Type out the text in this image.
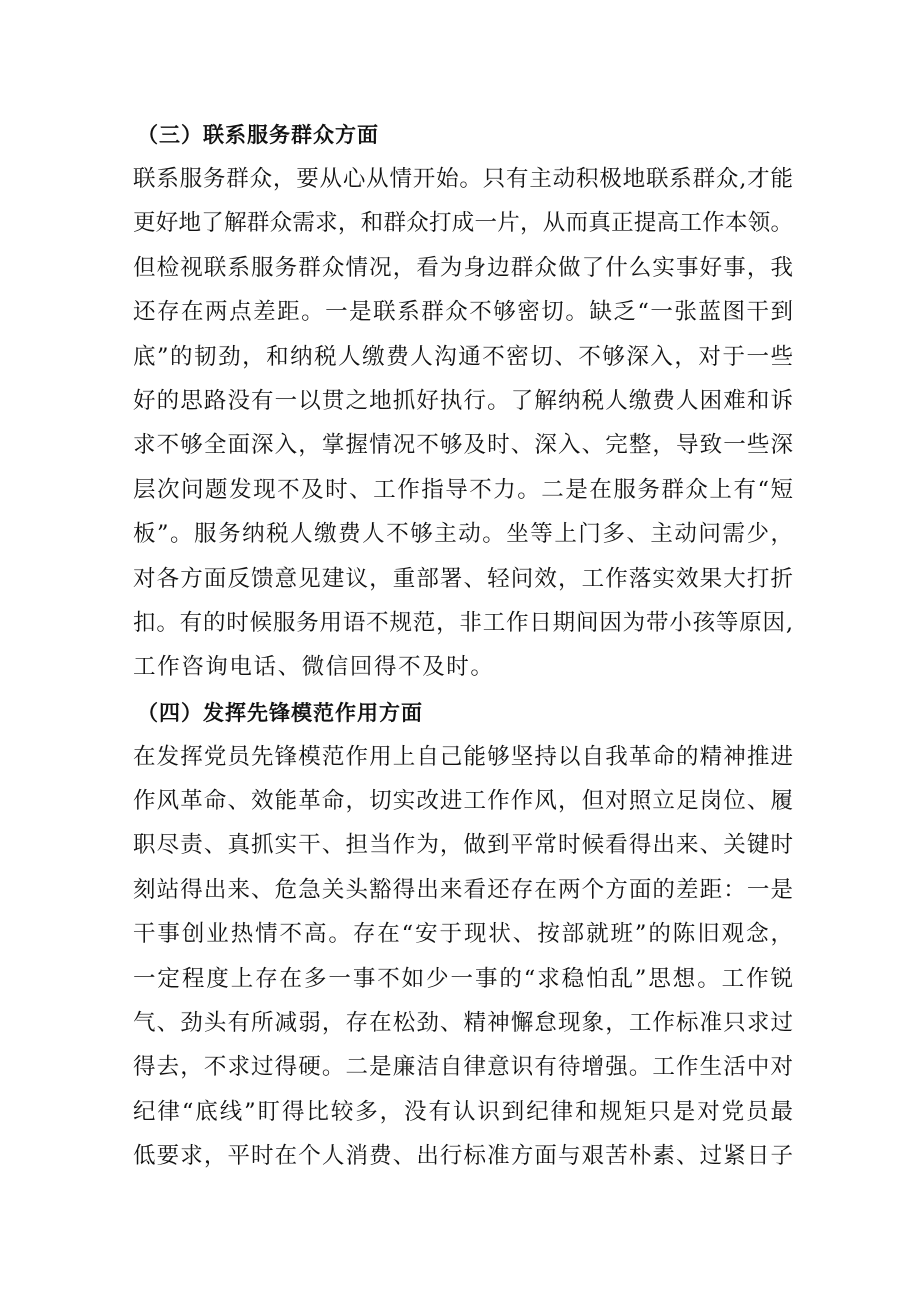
（三）联系服务群众方面
联系服务群众，要从心从情开始。只有主动积极地联系群众,才能
更好地了解群众需求，和群众打成一片，从而真正提高工作本领。
但检视联系服务群众情况，看为身边群众做了什么实事好事，我
还存在两点差距。一是联系群众不够密切。缺乏“一张蓝图干到
底”的韧劲，和纳税人缴费人沟通不密切、不够深入，对于一些
好的思路没有一以贯之地抓好执行。了解纳税人缴费人困难和诉
求不够全面深入，掌握情况不够及时、深入、完整，导致一些深
层次问题发现不及时、工作指导不力。二是在服务群众上有“短
板”。服务纳税人缴费人不够主动。坐等上门多、主动问需少，
对各方面反馈意见建议，重部署、轻问效，工作落实效果大打折
扣。有的时候服务用语不规范，非工作日期间因为带小孩等原因,
工作咨询电话、微信回得不及时。
（四）发挥先锋模范作用方面
在发挥党员先锋模范作用上自己能够坚持以自我革命的精神推进
作风革命、效能革命，切实改进工作作风，但对照立足岗位、履
职尽责、真抓实干、担当作为，做到平常时候看得出来、关键时
刻站得出来、危急关头豁得出来看还存在两个方面的差距：一是
干事创业热情不高。存在“安于现状、按部就班”的陈旧观念，
一定程度上存在多一事不如少一事的“求稳怕乱”思想。工作锐
气、劲头有所减弱，存在松劲、精神懈怠现象，工作标准只求过
得去，不求过得硬。二是廉洁自律意识有待增强。工作生活中对
纪律“底线”盯得比较多，没有认识到纪律和规矩只是对党员最
低要求，平时在个人消费、出行标准方面与艰苦朴素、过紧日子
